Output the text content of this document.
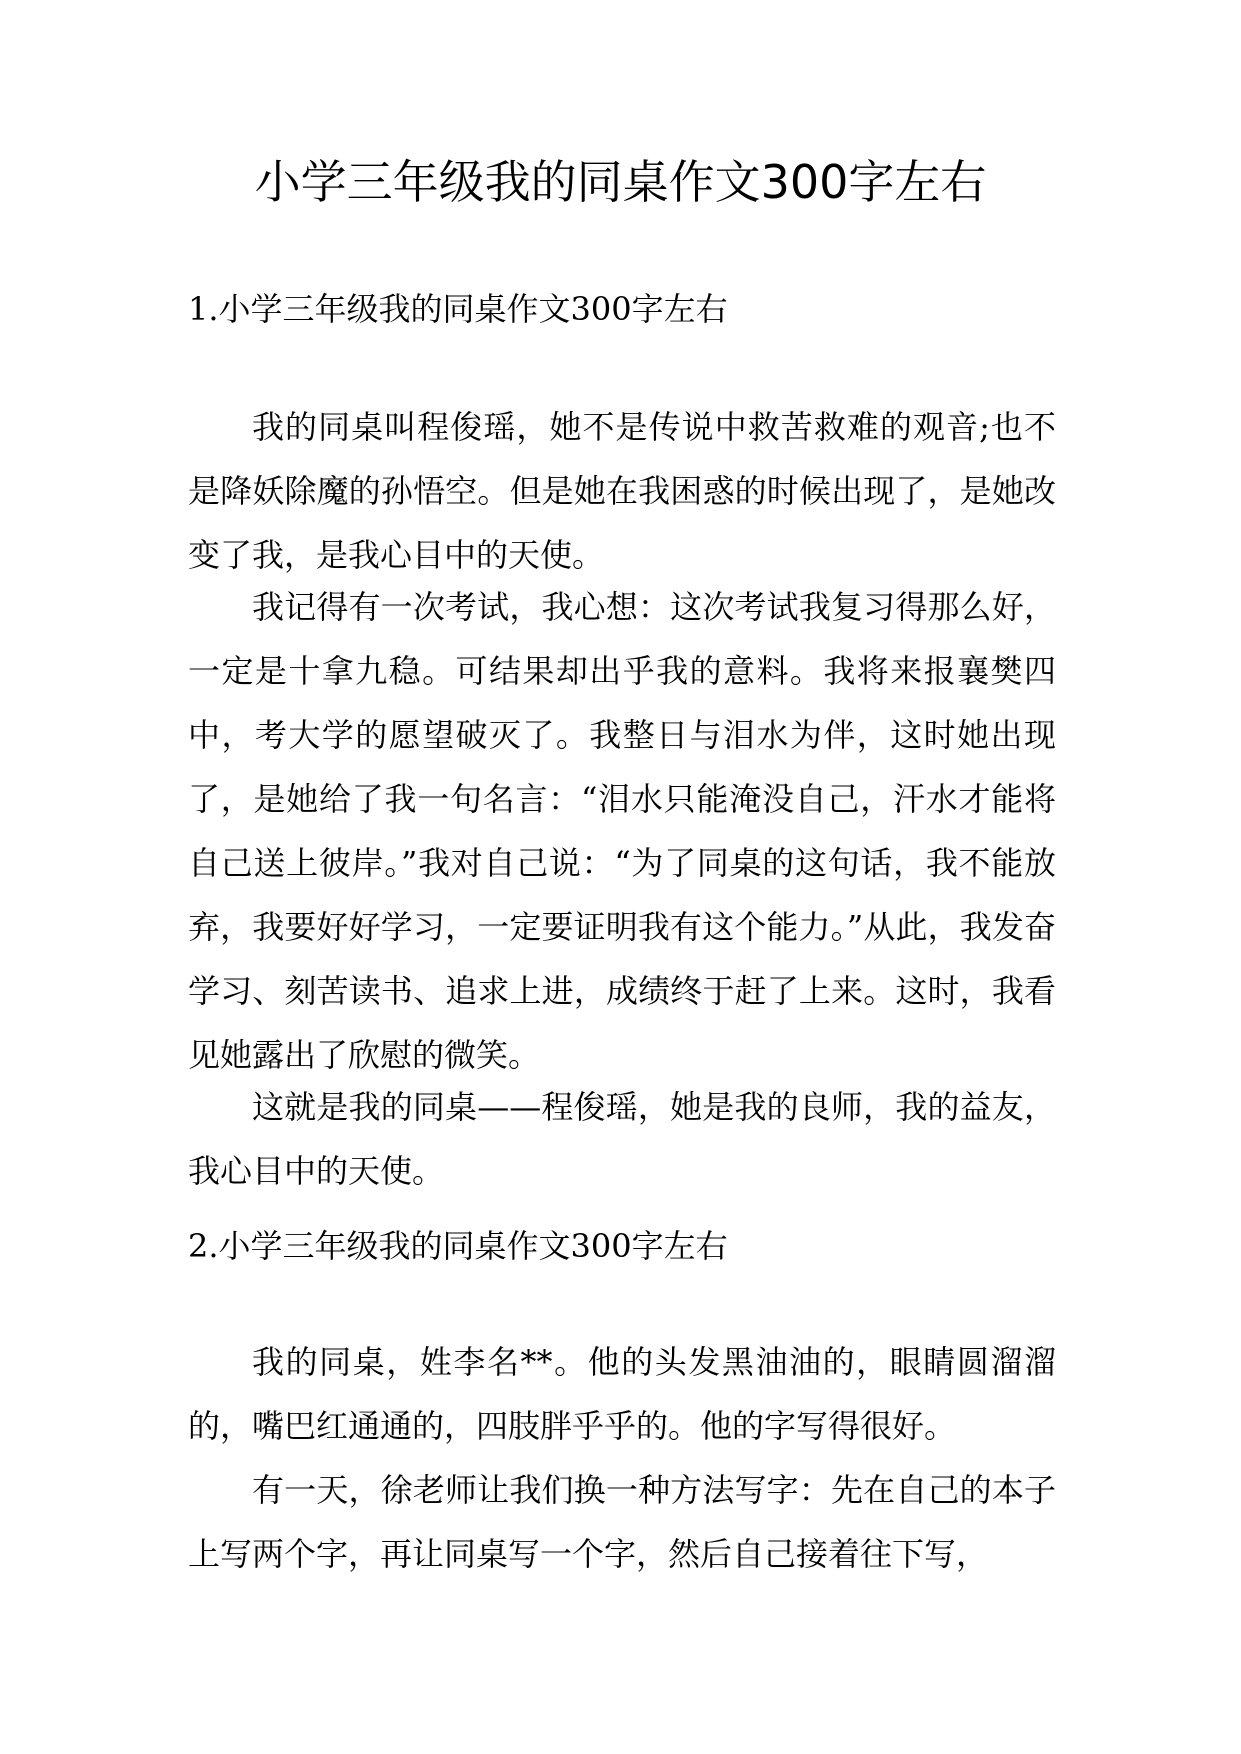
小学三年级我的同桌作文300字左右
1.小学三年级我的同桌作文300字左右

我的同桌叫程俊瑶，她不是传说中救苦救难的观音;也不是降妖除魔的孙悟空。但是她在我困惑的时候出现了，是她改变了我，是我心目中的天使。

我记得有一次考试，我心想：这次考试我复习得那么好，一定是十拿九稳。可结果却出乎我的意料。我将来报襄樊四中，考大学的愿望破灭了。我整日与泪水为伴，这时她出现了，是她给了我一句名言：“泪水只能淹没自己，汗水才能将自己送上彼岸。”我对自己说：“为了同桌的这句话，我不能放弃，我要好好学习，一定要证明我有这个能力。”从此，我发奋学习、刻苦读书、追求上进，成绩终于赶了上来。这时，我看见她露出了欣慰的微笑。

这就是我的同桌——程俊瑶，她是我的良师，我的益友，我心目中的天使。

2.小学三年级我的同桌作文300字左右

我的同桌，姓李名**。他的头发黑油油的，眼睛圆溜溜的，嘴巴红通通的，四肢胖乎乎的。他的字写得很好。

有一天，徐老师让我们换一种方法写字：先在自己的本子上写两个字，再让同桌写一个字，然后自己接着往下写，
